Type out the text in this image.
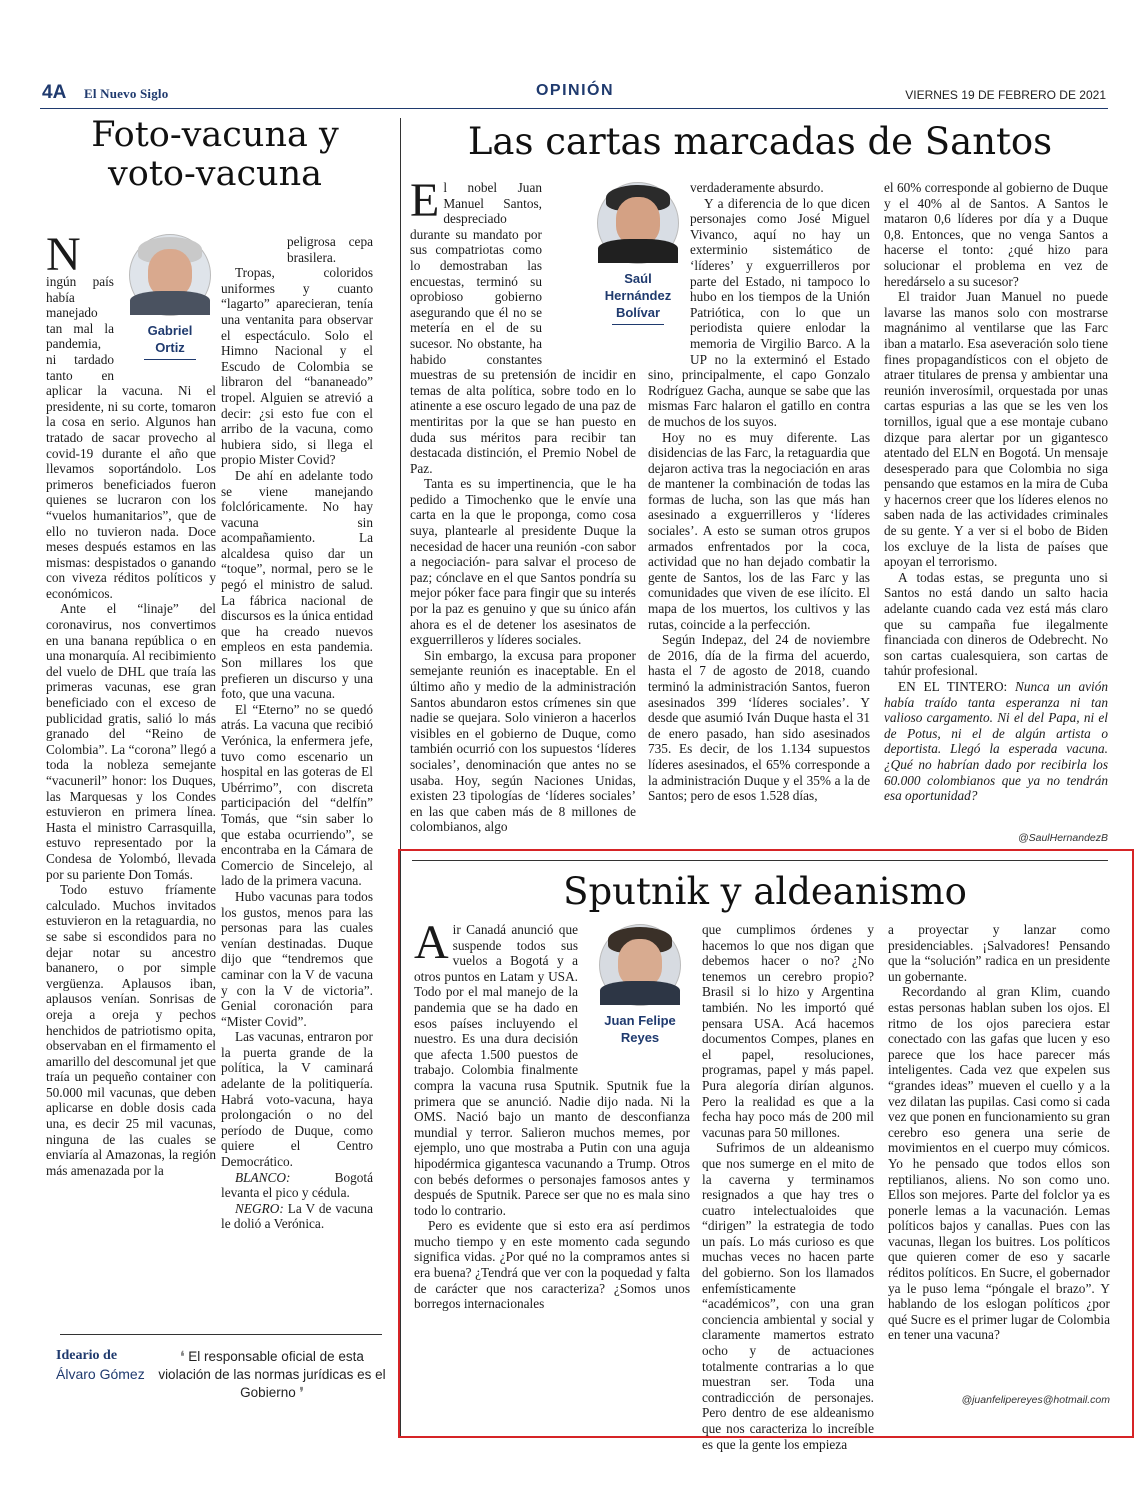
4A El Nuevo Siglo	OPINIÓN	VIERNES 19 DE FEBRERO DE 2021
Foto-vacuna y
voto-vacuna
Gabriel
Ortiz

N
ingún país había manejado tan mal la pandemia, ni tardado tanto en aplicar la vacuna. Ni el presidente, ni su corte, tomaron la cosa en serio. Algunos han tratado de sacar provecho al covid-19 durante el año que llevamos soportándolo. Los primeros beneficiados fueron quienes se lucraron con los “vuelos humanitarios”, que de ello no tuvieron nada. Doce meses después estamos en las mismas: despistados o ganando con viveza réditos políticos y económicos.

Ante el “linaje” del coronavirus, nos convertimos en una banana república o en una monarquía. Al recibimiento del vuelo de DHL que traía las primeras vacunas, ese gran beneficiado con el exceso de publicidad gratis, salió lo más granado del “Reino de Colombia”. La “corona” llegó a toda la nobleza semejante “vacuneril” honor: los Duques, las Marquesas y los Condes estuvieron en primera línea. Hasta el ministro Carrasquilla, estuvo representado por la Condesa de Yolombó, llevada por su pariente Don Tomás.

Todo estuvo fríamente calculado. Muchos invitados estuvieron en la retaguardia, no se sabe si escondidos para no dejar notar su ancestro bananero, o por simple vergüenza. Aplausos iban, aplausos venían. Sonrisas de oreja a oreja y pechos henchidos de patriotismo opita, observaban en el firmamento el amarillo del descomunal jet que traía un pequeño container con 50.000 mil vacunas, que deben aplicarse en doble dosis cada una, es decir 25 mil vacunas, ninguna de las cuales se enviaría al Amazonas, la región más amenazada por la

peligrosa cepa brasilera.

Tropas, coloridos uniformes y cuanto “lagarto” aparecieran, tenía una ventanita para observar el espectáculo. Solo el Himno Nacional y el Escudo de Colombia se libraron del “bananeado” tropel. Alguien se atrevió a decir: ¿si esto fue con el arribo de la vacuna, como hubiera sido, si llega el propio Mister Covid?

De ahí en adelante todo se viene manejando folclóricamente. No hay vacuna sin acompañamiento. La alcaldesa quiso dar un “toque”, normal, pero se le pegó el ministro de salud. La fábrica nacional de discursos es la única entidad que ha creado nuevos empleos en esta pandemia. Son millares los que prefieren un discurso y una foto, que una vacuna.

El “Eterno” no se quedó atrás. La vacuna que recibió Verónica, la enfermera jefe, tuvo como escenario un hospital en las goteras de El Ubérrimo”, con discreta participación del “delfín” Tomás, que “sin saber lo que estaba ocurriendo”, se encontraba en la Cámara de Comercio de Sincelejo, al lado de la primera vacuna.

Hubo vacunas para todos los gustos, menos para las personas para las cuales venían destinadas. Duque dijo que “tendremos que caminar con la V de vacuna y con la V de victoria”. Genial coronación para “Mister Covid”.

Las vacunas, entraron por la puerta grande de la política, la V caminará adelante de la politiquería. Habrá voto-vacuna, haya prolongación o no del período de Duque, como quiere el Centro Democrático.

BLANCO: Bogotá levanta el pico y cédula.

NEGRO: La V de vacuna le dolió a Verónica.

Ideario de
Álvaro Gómez
❛ El responsable oficial de esta violación de las normas jurídicas es el Gobierno ❜
Las cartas marcadas de Santos

El nobel Juan Manuel Santos, despreciado durante su mandato por sus compatriotas como lo demostraban las encuestas, terminó su oprobioso gobierno asegurando que él no se metería en el de su sucesor. No obstante, ha habido constantes muestras de su pretensión de incidir en temas de alta política, sobre todo en lo atinente a ese oscuro legado de una paz de mentiritas por la que se han puesto en duda sus méritos para recibir tan destacada distinción, el Premio Nobel de Paz.

Tanta es su impertinencia, que le ha pedido a Timochenko que le envíe una carta en la que le proponga, como cosa suya, plantearle al presidente Duque la necesidad de hacer una reunión -con sabor a negociación- para salvar el proceso de paz; cónclave en el que Santos pondría su mejor póker face para fingir que su interés por la paz es genuino y que su único afán ahora es el de detener los asesinatos de exguerrilleros y líderes sociales.

Sin embargo, la excusa para proponer semejante reunión es inaceptable. En el último año y medio de la administración Santos abundaron estos crímenes sin que nadie se quejara. Solo vinieron a hacerlos visibles en el gobierno de Duque, como también ocurrió con los supuestos ‘líderes sociales’, denominación que antes no se usaba. Hoy, según Naciones Unidas, existen 23 tipologías de ‘líderes sociales’ en las que caben más de 8 millones de colombianos, algo

Saúl
Hernández
Bolívar

verdaderamente absurdo.

Y a diferencia de lo que dicen personajes como José Miguel Vivanco, aquí no hay un exterminio sistemático de ‘líderes’ y exguerrilleros por parte del Estado, ni tampoco lo hubo en los tiempos de la Unión Patriótica, con lo que un periodista quiere enlodar la memoria de Virgilio Barco. A la UP no la exterminó el Estado sino, principalmente, el capo Gonzalo Rodríguez Gacha, aunque se sabe que las mismas Farc halaron el gatillo en contra de muchos de los suyos.

Hoy no es muy diferente. Las disidencias de las Farc, la retaguardia que dejaron activa tras la negociación en aras de mantener la combinación de todas las formas de lucha, son las que más han asesinado a exguerrilleros y ‘líderes sociales’. A esto se suman otros grupos armados enfrentados por la coca, actividad que no han dejado combatir la gente de Santos, los de las Farc y las comunidades que viven de ese ilícito. El mapa de los muertos, los cultivos y las rutas, coincide a la perfección.

Según Indepaz, del 24 de noviembre de 2016, día de la firma del acuerdo, hasta el 7 de agosto de 2018, cuando terminó la administración Santos, fueron asesinados 399 ‘líderes sociales’. Y desde que asumió Iván Duque hasta el 31 de enero pasado, han sido asesinados 735. Es decir, de los 1.134 supuestos líderes asesinados, el 65% corresponde a la administración Duque y el 35% a la de Santos; pero de esos 1.528 días,

el 60% corresponde al gobierno de Duque y el 40% al de Santos. A Santos le mataron 0,6 líderes por día y a Duque 0,8. Entonces, que no venga Santos a hacerse el tonto: ¿qué hizo para solucionar el problema en vez de heredárselo a su sucesor?

El traidor Juan Manuel no puede lavarse las manos solo con mostrarse magnánimo al ventilarse que las Farc iban a matarlo. Esa aseveración solo tiene fines propagandísticos con el objeto de atraer titulares de prensa y ambientar una reunión inverosímil, orquestada por unas cartas espurias a las que se les ven los tornillos, igual que a ese montaje cubano dizque para alertar por un gigantesco atentado del ELN en Bogotá. Un mensaje desesperado para que Colombia no siga pensando que estamos en la mira de Cuba y hacernos creer que los líderes elenos no saben nada de las actividades criminales de su gente. Y a ver si el bobo de Biden los excluye de la lista de países que apoyan el terrorismo.

A todas estas, se pregunta uno si Santos no está dando un salto hacia adelante cuando cada vez está más claro que su campaña fue ilegalmente financiada con dineros de Odebrecht. No son cartas cualesquiera, son cartas de tahúr profesional.

EN EL TINTERO: Nunca un avión había traído tanta esperanza ni tan valioso cargamento. Ni el del Papa, ni el de Potus, ni el de algún artista o deportista. Llegó la esperada vacuna. ¿Qué no habrían dado por recibirla los 60.000 colombianos que ya no tendrán esa oportunidad?

@SaulHernandezB
Sputnik y aldeanismo

Air Canadá anunció que suspende todos sus vuelos a Bogotá y a otros puntos en Latam y USA. Todo por el mal manejo de la pandemia que se ha dado en esos países incluyendo el nuestro. Es una dura decisión que afecta 1.500 puestos de trabajo. Colombia finalmente compra la vacuna rusa Sputnik. Sputnik fue la primera que se anunció. Nadie dijo nada. Ni la OMS. Nació bajo un manto de desconfianza mundial y terror. Salieron muchos memes, por ejemplo, uno que mostraba a Putin con una aguja hipodérmica gigantesca vacunando a Trump. Otros con bebés deformes o personajes famosos antes y después de Sputnik. Parece ser que no es mala sino todo lo contrario.

Pero es evidente que si esto era así perdimos mucho tiempo y en este momento cada segundo significa vidas. ¿Por qué no la compramos antes si era buena? ¿Tendrá que ver con la poquedad y falta de carácter que nos caracteriza? ¿Somos unos borregos internacionales

Juan Felipe
Reyes

que cumplimos órdenes y hacemos lo que nos digan que debemos hacer o no? ¿No tenemos un cerebro propio? Brasil si lo hizo y Argentina también. No les importó qué pensara USA. Acá hacemos documentos Compes, planes en el papel, resoluciones, programas, papel y más papel. Pura alegoría dirían algunos. Pero la realidad es que a la fecha hay poco más de 200 mil vacunas para 50 millones.

Sufrimos de un aldeanismo que nos sumerge en el mito de la caverna y terminamos resignados a que hay tres o cuatro intelectualoides que “dirigen” la estrategia de todo un país. Lo más curioso es que muchas veces no hacen parte del gobierno. Son los llamados enfemísticamente “académicos”, con una gran conciencia ambiental y social y claramente mamertos estrato ocho y de actuaciones totalmente contrarias a lo que muestran ser. Toda una contradicción de personajes. Pero dentro de ese aldeanismo que nos caracteriza lo increíble es que la gente los empieza

a proyectar y lanzar como presidenciables. ¡Salvadores! Pensando que la “solución” radica en un presidente un gobernante.

Recordando al gran Klim, cuando estas personas hablan suben los ojos. El ritmo de los ojos pareciera estar conectado con las gafas que lucen y eso parece que los hace parecer más inteligentes. Cada vez que expelen sus “grandes ideas” mueven el cuello y a la vez dilatan las pupilas. Casi como si cada vez que ponen en funcionamiento su gran cerebro eso genera una serie de movimientos en el cuerpo muy cómicos. Yo he pensado que todos ellos son reptilianos, aliens. No son como uno. Ellos son mejores. Parte del folclor ya es ponerle lemas a la vacunación. Lemas políticos bajos y canallas. Pues con las vacunas, llegan los buitres. Los políticos que quieren comer de eso y sacarle réditos políticos. En Sucre, el gobernador ya le puso lema “póngale el brazo”. Y hablando de los eslogan políticos ¿por qué Sucre es el primer lugar de Colombia en tener una vacuna?

@juanfelipereyes@hotmail.com
